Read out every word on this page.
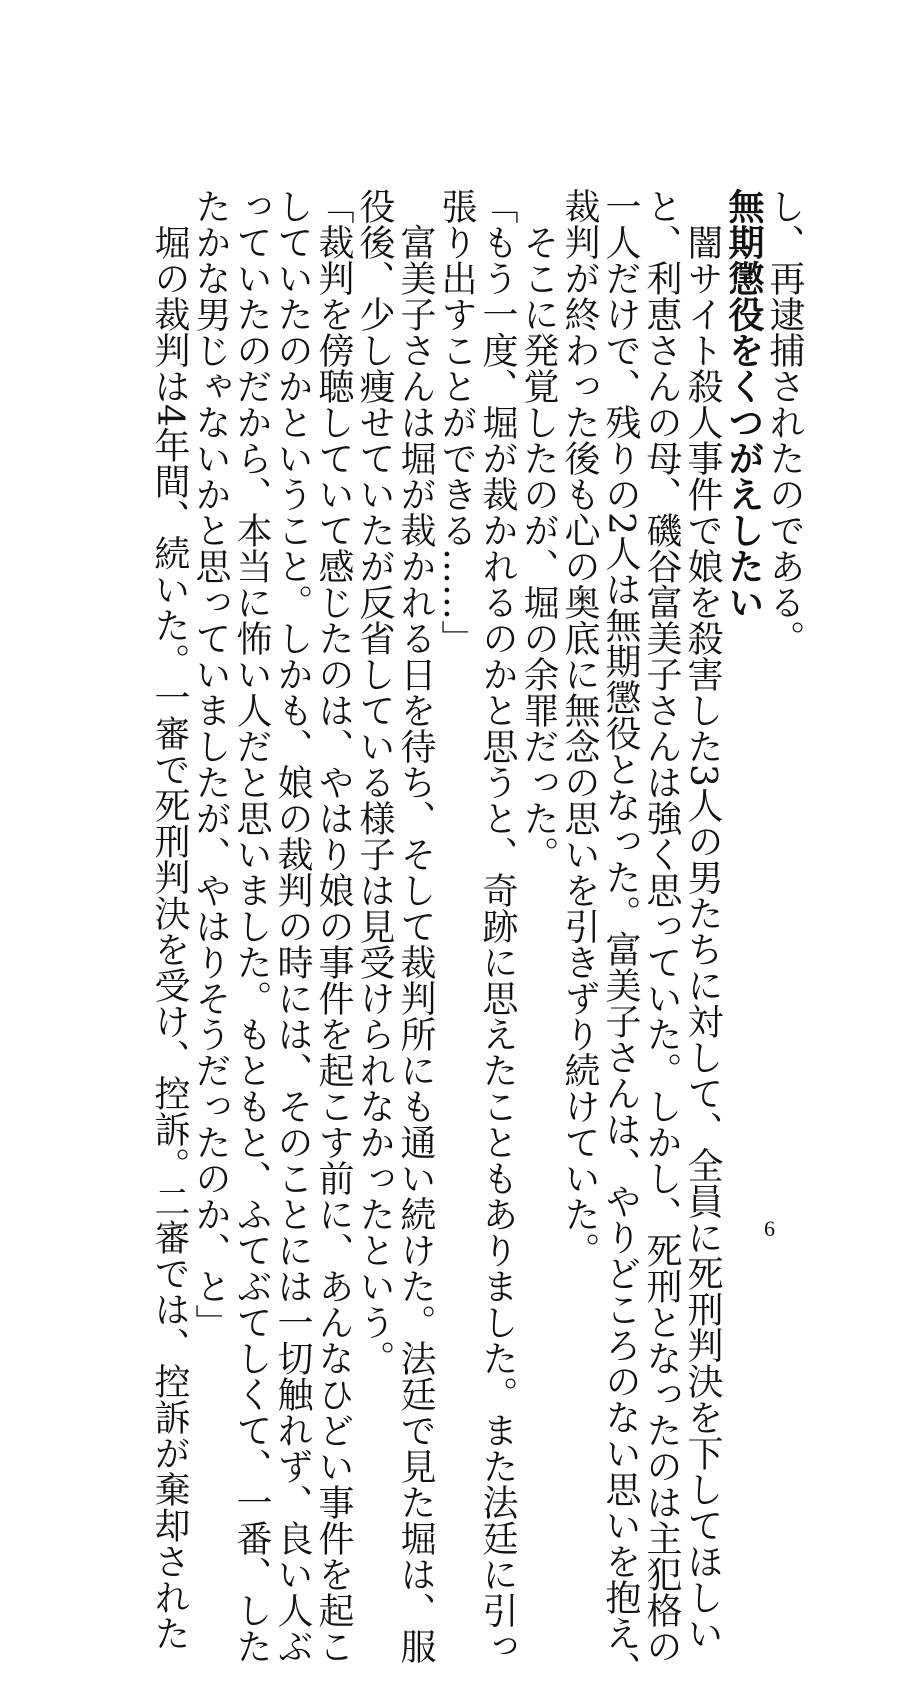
し、再逮捕されたのである。
無期懲役をくつがえしたい
　闇サイト殺人事件で娘を殺害した3人の男たちに対して、全員に死刑判決を下してほしい
と、利恵さんの母、磯谷富美子さんは強く思っていた。しかし、死刑となったのは主犯格の
一人だけで、残りの2人は無期懲役となった。富美子さんは、やりどころのない思いを抱え、
裁判が終わった後も心の奥底に無念の思いを引きずり続けていた。
　そこに発覚したのが、堀の余罪だった。
「もう一度、堀が裁かれるのかと思うと、奇跡に思えたこともありました。また法廷に引っ
張り出すことができる……」
　富美子さんは堀が裁かれる日を待ち、そして裁判所にも通い続けた。法廷で見た堀は、服
役後、少し痩せていたが反省している様子は見受けられなかったという。
「裁判を傍聴していて感じたのは、やはり娘の事件を起こす前に、あんなひどい事件を起こ
していたのかということ。しかも、娘の裁判の時には、そのことには一切触れず、良い人ぶ
っていたのだから、本当に怖い人だと思いました。もともと、ふてぶてしくて、一番、した
たかな男じゃないかと思っていましたが、やはりそうだったのか、と」
　堀の裁判は4年間、続いた。一審で死刑判決を受け、控訴。二審では、控訴が棄却された	6
